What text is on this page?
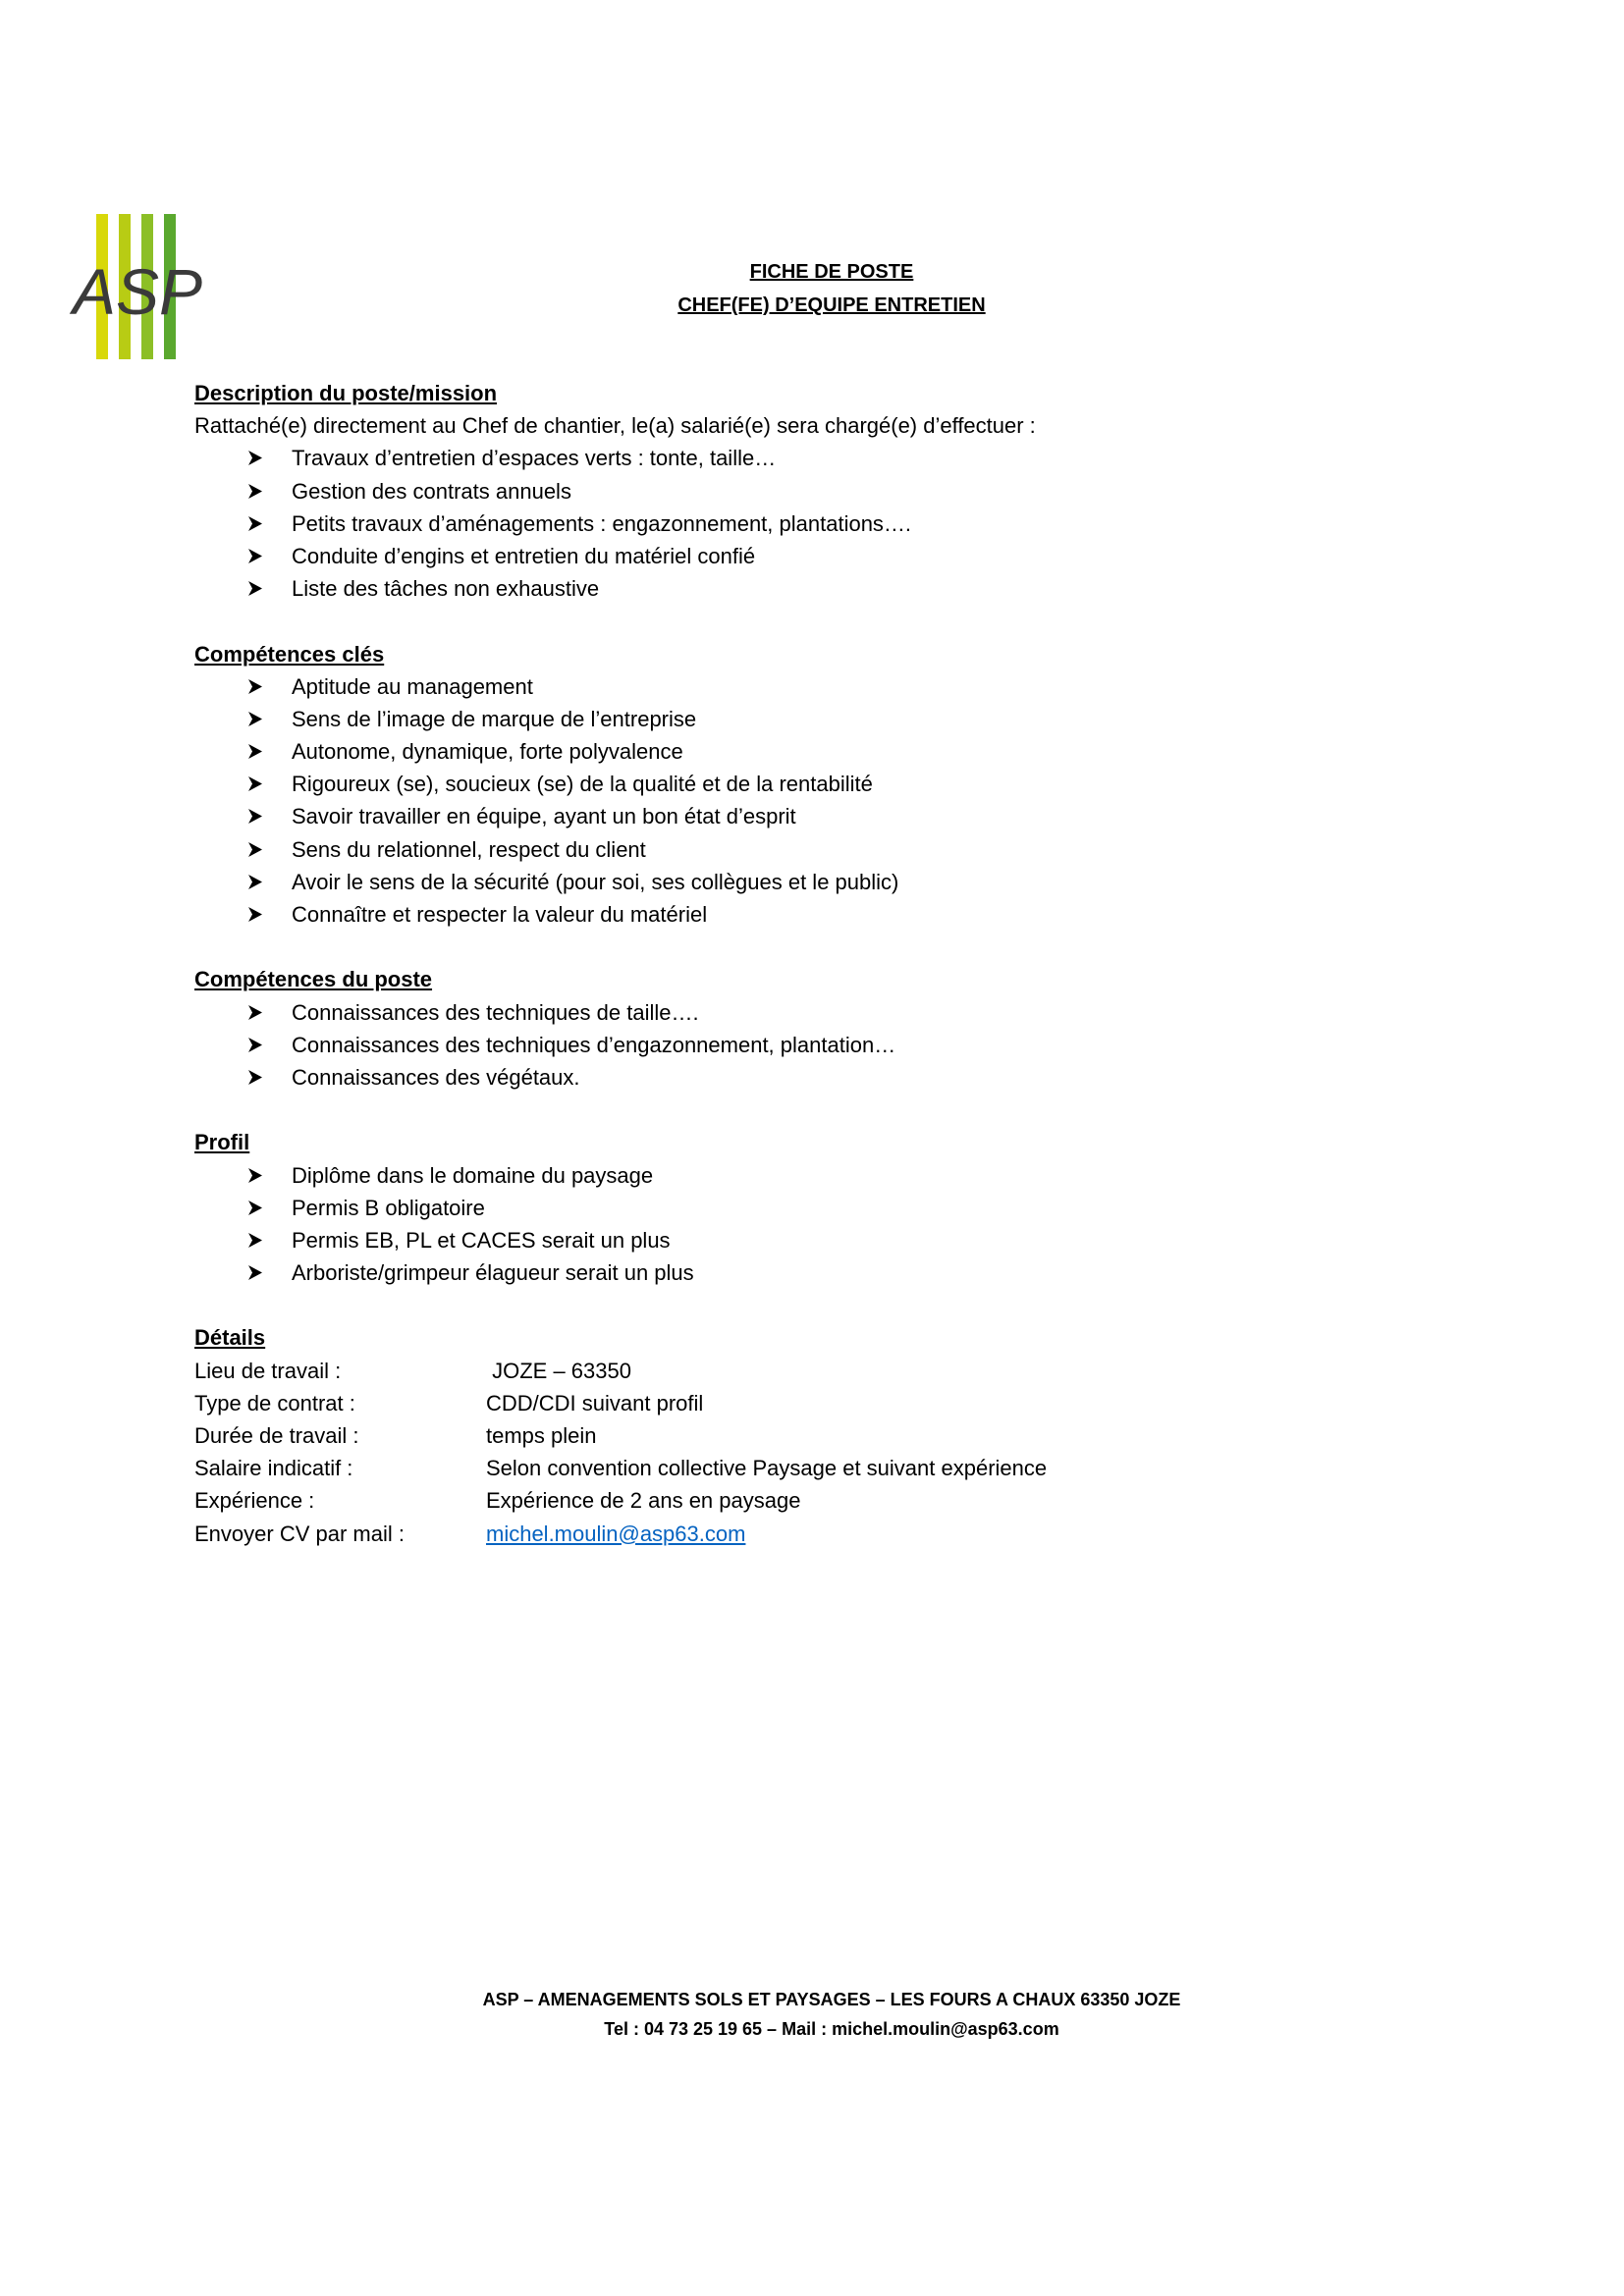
ASP	FICHE DE POSTE
CHEF(FE) D’EQUIPE ENTRETIEN
Description du poste/mission
Rattaché(e) directement au Chef de chantier, le(a) salarié(e) sera chargé(e) d’effectuer :
Travaux d’entretien d’espaces verts : tonte, taille…
Gestion des contrats annuels
Petits travaux d’aménagements : engazonnement, plantations….
Conduite d’engins et entretien du matériel confié
Liste des tâches non exhaustive
Compétences clés
Aptitude au management
Sens de l’image de marque de l’entreprise
Autonome, dynamique, forte polyvalence
Rigoureux (se), soucieux (se) de la qualité et de la rentabilité
Savoir travailler en équipe, ayant un bon état d’esprit
Sens du relationnel, respect du client
Avoir le sens de la sécurité (pour soi, ses collègues et le public)
Connaître et respecter la valeur du matériel
Compétences du poste
Connaissances des techniques de taille….
Connaissances des techniques d’engazonnement, plantation…
Connaissances des végétaux.
Profil
Diplôme dans le domaine du paysage
Permis B obligatoire
Permis EB, PL et CACES serait un plus
Arboriste/grimpeur élagueur serait un plus
Détails
Lieu de travail :	JOZE – 63350
Type de contrat :	CDD/CDI suivant profil
Durée de travail :	temps plein
Salaire indicatif :	Selon convention collective Paysage et suivant expérience
Expérience :	Expérience de 2 ans en paysage
Envoyer CV par mail :	michel.moulin@asp63.com
ASP – AMENAGEMENTS SOLS ET PAYSAGES – LES FOURS A CHAUX 63350 JOZE
Tel : 04 73 25 19 65 – Mail : michel.moulin@asp63.com
